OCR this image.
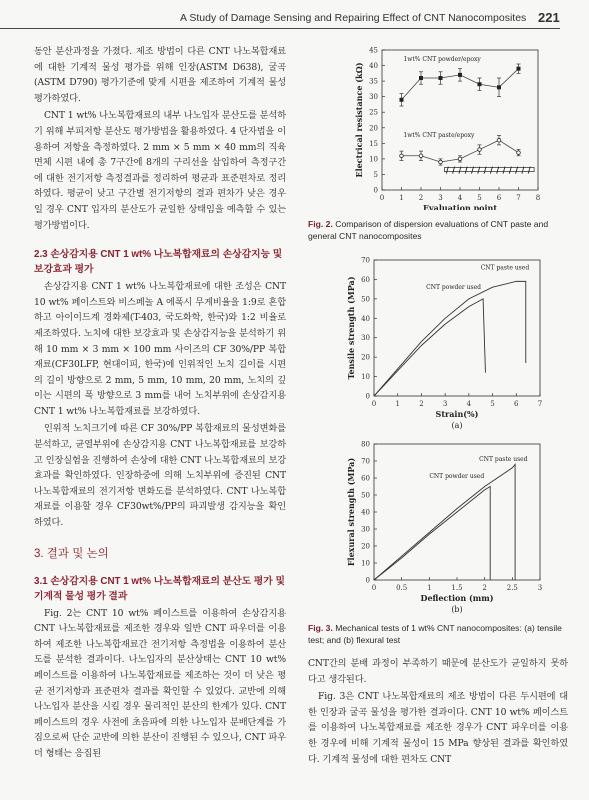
A Study of Damage Sensing and Repairing Effect of CNT Nanocomposites 221

동안 분산과정을 가졌다. 제조 방법이 다른 CNT 나노복합재료에 대한 기계적 물성 평가를 위해 인장(ASTM D638), 굴곡(ASTM D790) 평가기준에 맞게 시편을 제조하여 기계적 물성 평가하였다.

CNT 1 wt% 나노복합재료의 내부 나노입자 분산도를 분석하기 위해 부피저항 분산도 평가방법을 활용하였다. 4 단자법을 이용하여 저항을 측정하였다. 2 mm × 5 mm × 40 mm의 직육면체 시편 내에 총 7구간에 8개의 구리선을 삽입하여 측정구간에 대한 전기저항 측정결과를 정리하여 평균과 표준편차로 정리하였다. 평균이 낮고 구간별 전기저항의 결과 편차가 낮은 경우일 경우 CNT 입자의 분산도가 균일한 상태임을 예측할 수 있는 평가방법이다.

2.3 손상감지용 CNT 1 wt% 나노복합재료의 손상감지능 및 보강효과 평가

손상감지용 CNT 1 wt% 나노복합재료에 대한 조성은 CNT 10 wt% 페이스트와 비스페놀 A 에폭시 무게비율을 1:9로 혼합하고 아이이드계 경화제(T-403, 국도화학, 한국)와 1:2 비율로 제조하였다. 노치에 대한 보강효과 및 손상감지능을 분석하기 위해 10 mm × 3 mm × 100 mm 사이즈의 CF 30%/PP 복합재료(CF30LFP, 현대이피, 한국)에 인위적인 노치 길이를 시편의 길이 방향으로 2 mm, 5 mm, 10 mm, 20 mm, 노치의 깊이는 시편의 폭 방향으로 3 mm를 내어 노치부위에 손상감지용 CNT 1 wt% 나노복합재료를 보강하였다.

인위적 노치크기에 따른 CF 30%/PP 복합재료의 물성변화를 분석하고, 균열부위에 손상감지용 CNT 나노복합재료를 보강하고 인장실험을 진행하여 손상에 대한 CNT 나노복합재료의 보강효과를 확인하였다. 인장하중에 의해 노치부위에 증진된 CNT 나노복합재료의 전기저항 변화도를 분석하였다. CNT 나노복합재료를 이용할 경우 CF30wt%/PP의 파괴발생 감지능을 확인하였다.

3. 결과 및 논의

3.1 손상감지용 CNT 1 wt% 나노복합재료의 분산도 평가 및 기계적 물성 평가 결과

Fig. 2는 CNT 10 wt% 페이스트를 이용하여 손상감지용 CNT 나노복합재료를 제조한 경우와 일반 CNT 파우더를 이용하여 제조한 나노복합재료간 전기저항 측정법을 이용하여 분산도를 분석한 결과이다. 나노입자의 분산상태는 CNT 10 wt% 페이스트를 이용하여 나노복합재료를 제조하는 것이 더 낮은 평균 전기저항과 표준편차 결과를 확인할 수 있었다. 교반에 의해 나노입자 분산을 시킬 경우 물리적인 분산의 한계가 있다. CNT 페이스트의 경우 사전에 초음파에 의한 나노입자 분배단계를 가짐으로써 단순 교반에 의한 분산이 진행된 수 있으나, CNT 파우더 형태는 응집된

0 1 2 3 4 5 6 7 8
0
5
10
15
20
25
30
35
40
45
Evaluation point
Electrical resistance (kΩ)
1wt% CNT powder/epoxy
1wt% CNT paste/epoxy

Fig. 2. Comparison of dispersion evaluations of CNT paste and general CNT nanocomposites

0	1	2	3	4	5	6	7
0
10
20
30
40
50
60
70
Strain(%)
Tensile strength (MPa)
(a)
CNT paste used
CNT powder used

0	0.5	1	1.5	2	2.5	3
0
10
20
30
40
50
60
70
80
Deflection (mm)
Flexural strength (MPa)
(b)
CNT paste used
CNT powder used

Fig. 3. Mechanical tests of 1 wt% CNT nanocomposites: (a) tensile test; and (b) flexural test

CNT간의 분배 과정이 부족하기 때문에 분산도가 균일하지 못하다고 생각된다.

Fig. 3은 CNT 나노복합재료의 제조 방법이 다른 두시편에 대한 인장과 굴곡 물성을 평가한 결과이다. CNT 10 wt% 페이스트를 이용하여 나노복합재료를 제조한 경우가 CNT 파우더를 이용한 경우에 비해 기계적 물성이 15 MPa 향상된 결과를 확인하였다. 기계적 물성에 대한 편차도 CNT
